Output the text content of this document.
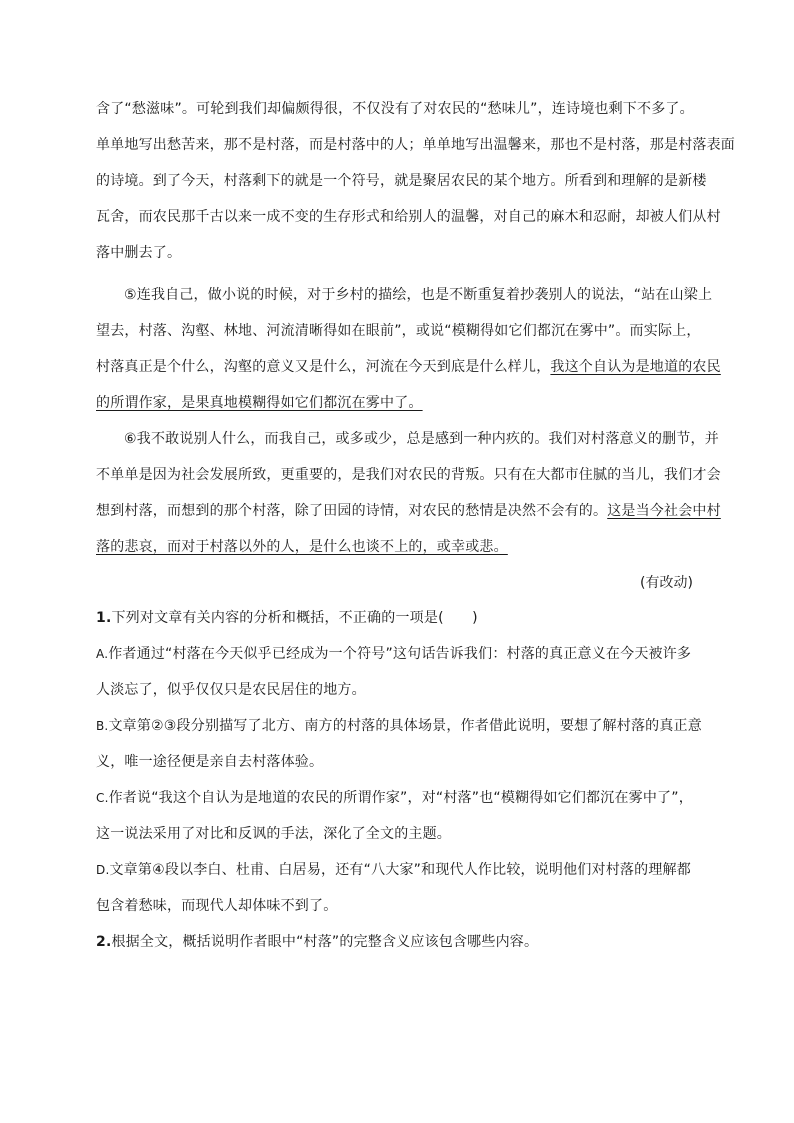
含了“愁滋味”。可轮到我们却偏颇得很，不仅没有了对农民的“愁味儿”，连诗境也剩下不多了。
单单地写出愁苦来，那不是村落，而是村落中的人；单单地写出温馨来，那也不是村落，那是村落表面
的诗境。到了今天，村落剩下的就是一个符号，就是聚居农民的某个地方。所看到和理解的是新楼
瓦舍，而农民那千古以来一成不变的生存形式和给别人的温馨，对自己的麻木和忍耐，却被人们从村
落中删去了。
⑤连我自己，做小说的时候，对于乡村的描绘，也是不断重复着抄袭别人的说法，“站在山梁上
望去，村落、沟壑、林地、河流清晰得如在眼前”，或说“模糊得如它们都沉在雾中”。而实际上，
村落真正是个什么，沟壑的意义又是什么，河流在今天到底是什么样儿，我这个自认为是地道的农民
的所谓作家，是果真地模糊得如它们都沉在雾中了。
⑥我不敢说别人什么，而我自己，或多或少，总是感到一种内疚的。我们对村落意义的删节，并
不单单是因为社会发展所致，更重要的，是我们对农民的背叛。只有在大都市住腻的当儿，我们才会
想到村落，而想到的那个村落，除了田园的诗情，对农民的愁情是决然不会有的。这是当今社会中村
落的悲哀，而对于村落以外的人，是什么也谈不上的，或幸或悲。
(有改动)
1.下列对文章有关内容的分析和概括，不正确的一项是(　　)
A.作者通过“村落在今天似乎已经成为一个符号”这句话告诉我们：村落的真正意义在今天被许多
人淡忘了，似乎仅仅只是农民居住的地方。
B.文章第②③段分别描写了北方、南方的村落的具体场景，作者借此说明，要想了解村落的真正意
义，唯一途径便是亲自去村落体验。
C.作者说“我这个自认为是地道的农民的所谓作家”，对“村落”也“模糊得如它们都沉在雾中了”，
这一说法采用了对比和反讽的手法，深化了全文的主题。
D.文章第④段以李白、杜甫、白居易，还有“八大家”和现代人作比较，说明他们对村落的理解都
包含着愁味，而现代人却体味不到了。
2.根据全文，概括说明作者眼中“村落”的完整含义应该包含哪些内容。
